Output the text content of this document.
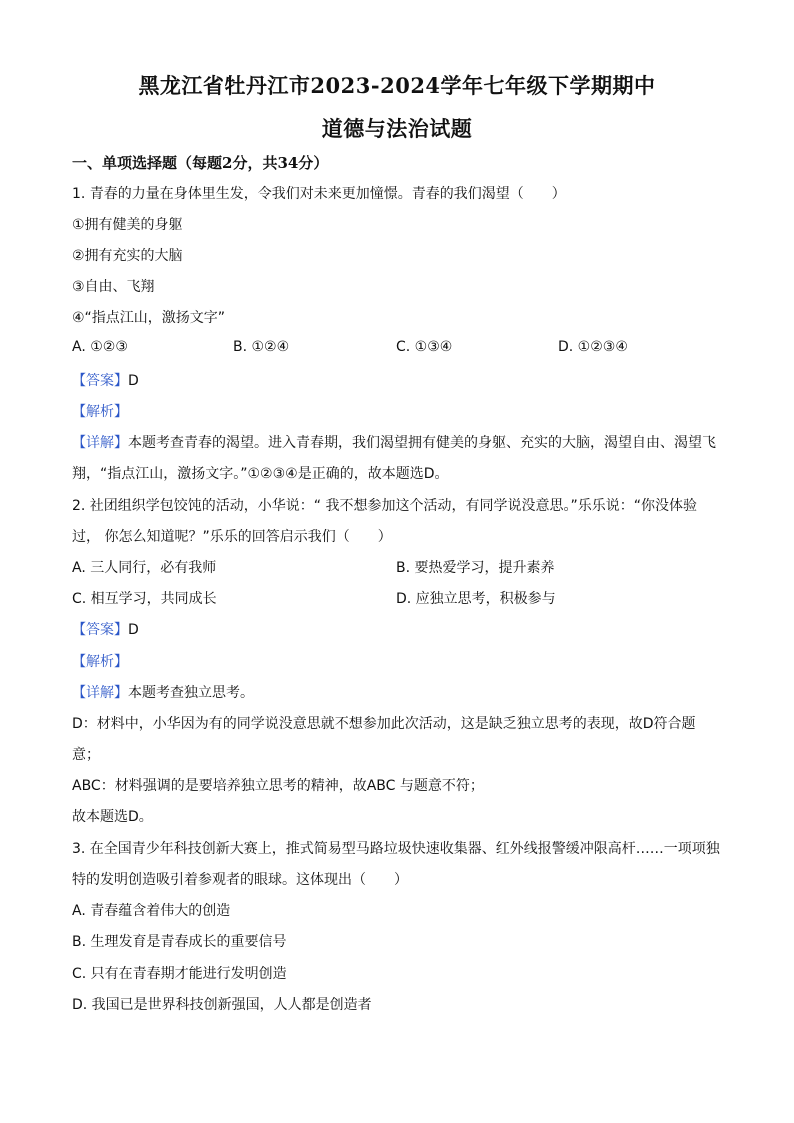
黑龙江省牡丹江市2023-2024学年七年级下学期期中
道德与法治试题
一、单项选择题（每题2分，共34分）
1. 青春的力量在身体里生发，令我们对未来更加憧憬。青春的我们渴望（　　）
①拥有健美的身躯
②拥有充实的大脑
③自由、飞翔
④“指点江山，激扬文字”
A. ①②③	B. ①②④	C. ①③④	D. ①②③④
【答案】D
【解析】
【详解】本题考查青春的渴望。进入青春期，我们渴望拥有健美的身躯、充实的大脑，渴望自由、渴望飞
翔，“指点江山，激扬文字。”①②③④是正确的，故本题选D。
2. 社团组织学包饺饨的活动，小华说：“ 我不想参加这个活动，有同学说没意思。”乐乐说：“你没体验
过， 你怎么知道呢？”乐乐的回答启示我们（　　）
A. 三人同行，必有我师	B. 要热爱学习，提升素养
C. 相互学习，共同成长	D. 应独立思考，积极参与
【答案】D
【解析】
【详解】本题考查独立思考。
D：材料中，小华因为有的同学说没意思就不想参加此次活动，这是缺乏独立思考的表现，故D符合题
意；
ABC：材料强调的是要培养独立思考的精神，故ABC 与题意不符；
故本题选D。
3. 在全国青少年科技创新大赛上，推式简易型马路垃圾快速收集器、红外线报警缓冲限高杆……一项项独
特的发明创造吸引着参观者的眼球。这体现出（　　）
A. 青春蕴含着伟大的创造
B. 生理发育是青春成长的重要信号
C. 只有在青春期才能进行发明创造
D. 我国已是世界科技创新强国，人人都是创造者
